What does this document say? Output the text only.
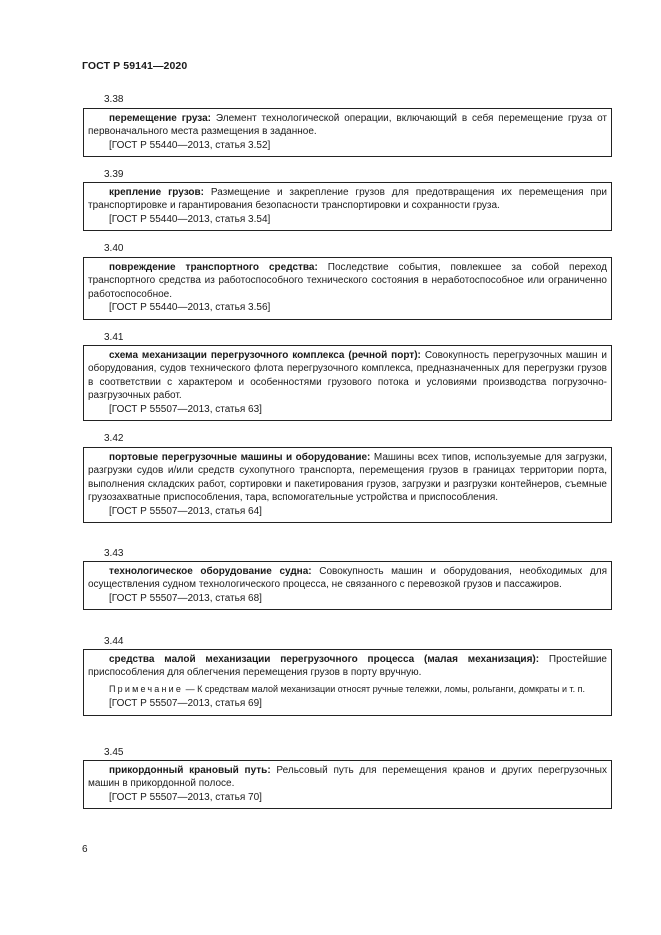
ГОСТ Р 59141—2020
3.38

перемещение груза: Элемент технологической операции, включающий в себя перемещение груза от первоначального места размещения в заданное.

[ГОСТ Р 55440—2013, статья 3.52]

3.39

крепление грузов: Размещение и закрепление грузов для предотвращения их перемещения при транспортировке и гарантирования безопасности транспортировки и сохранности груза.

[ГОСТ Р 55440—2013, статья 3.54]

3.40

повреждение транспортного средства: Последствие события, повлекшее за собой переход транспортного средства из работоспособного технического состояния в неработоспособное или ограниченно работоспособное.

[ГОСТ Р 55440—2013, статья 3.56]

3.41

схема механизации перегрузочного комплекса (речной порт): Совокупность перегрузочных машин и оборудования, судов технического флота перегрузочного комплекса, предназначенных для перегрузки грузов в соответствии с характером и особенностями грузового потока и условиями производства погрузочно-разгрузочных работ.

[ГОСТ Р 55507—2013, статья 63]

3.42

портовые перегрузочные машины и оборудование: Машины всех типов, используемые для загрузки, разгрузки судов и/или средств сухопутного транспорта, перемещения грузов в границах территории порта, выполнения складских работ, сортировки и пакетирования грузов, загрузки и разгрузки контейнеров, съемные грузозахватные приспособления, тара, вспомогательные устройства и приспособления.

[ГОСТ Р 55507—2013, статья 64]

3.43

технологическое оборудование судна: Совокупность машин и оборудования, необходимых для осуществления судном технологического процесса, не связанного с перевозкой грузов и пассажиров.

[ГОСТ Р 55507—2013, статья 68]

3.44

средства малой механизации перегрузочного процесса (малая механизация): Простейшие приспособления для облегчения перемещения грузов в порту вручную.

Примечание — К средствам малой механизации относят ручные тележки, ломы, рольганги, домкраты и т. п.

[ГОСТ Р 55507—2013, статья 69]

3.45

прикордонный крановый путь: Рельсовый путь для перемещения кранов и других перегрузочных машин в прикордонной полосе.

[ГОСТ Р 55507—2013, статья 70]

6
